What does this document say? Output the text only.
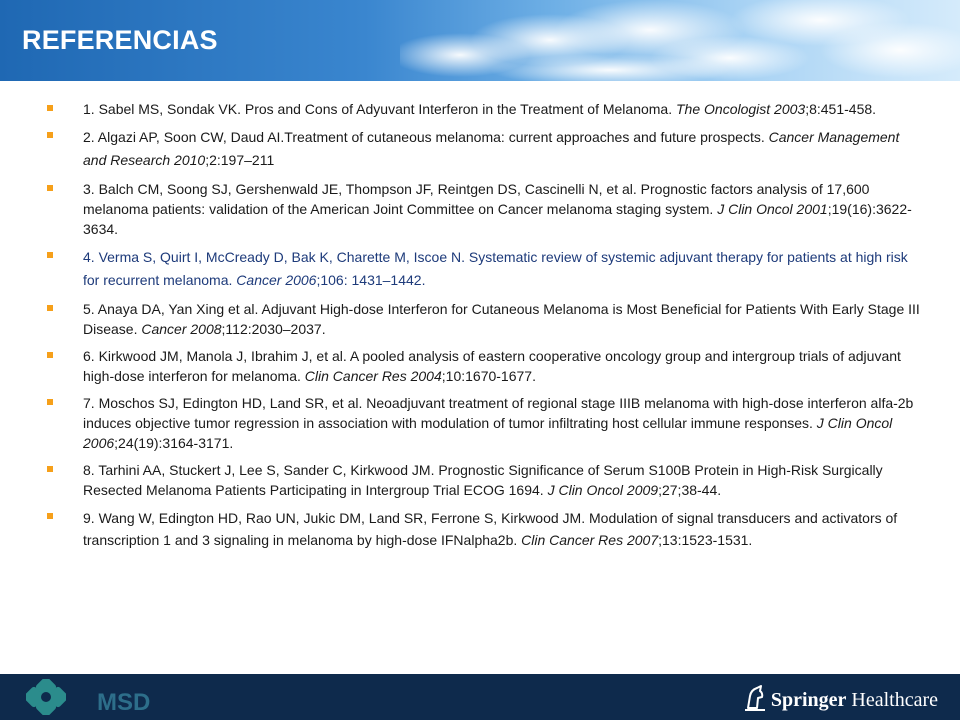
REFERENCIAS
1. Sabel MS, Sondak VK. Pros and Cons of Adyuvant Interferon in the Treatment of Melanoma. The Oncologist 2003;8:451-458.
2. Algazi AP, Soon CW, Daud AI.Treatment of cutaneous melanoma: current approaches and future prospects. Cancer Management and Research 2010;2:197–211
3. Balch CM, Soong SJ, Gershenwald JE, Thompson JF, Reintgen DS, Cascinelli N, et al. Prognostic factors analysis of 17,600 melanoma patients: validation of the American Joint Committee on Cancer melanoma staging system. J Clin Oncol 2001;19(16):3622-3634.
4. Verma S, Quirt I, McCready D, Bak K, Charette M, Iscoe N. Systematic review of systemic adjuvant therapy for patients at high risk for recurrent melanoma. Cancer 2006;106: 1431–1442.
5. Anaya DA, Yan Xing et al. Adjuvant High-dose Interferon for Cutaneous Melanoma is Most Beneficial for Patients With Early Stage III Disease. Cancer 2008;112:2030–2037.
6. Kirkwood JM, Manola J, Ibrahim J, et al. A pooled analysis of eastern cooperative oncology group and intergroup trials of adjuvant high-dose interferon for melanoma. Clin Cancer Res 2004;10:1670-1677.
7. Moschos SJ, Edington HD, Land SR, et al. Neoadjuvant treatment of regional stage IIIB melanoma with high-dose interferon alfa-2b induces objective tumor regression in association with modulation of tumor infiltrating host cellular immune responses. J Clin Oncol 2006;24(19):3164-3171.
8. Tarhini AA, Stuckert J, Lee S, Sander C, Kirkwood JM. Prognostic Significance of Serum S100B Protein in High-Risk Surgically Resected Melanoma Patients Participating in Intergroup Trial ECOG 1694. J Clin Oncol 2009;27;38-44.
9. Wang W, Edington HD, Rao UN, Jukic DM, Land SR, Ferrone S, Kirkwood JM. Modulation of signal transducers and activators of transcription 1 and 3 signaling in melanoma by high-dose IFNalpha2b. Clin Cancer Res 2007;13:1523-1531.
MSD	Springer Healthcare
